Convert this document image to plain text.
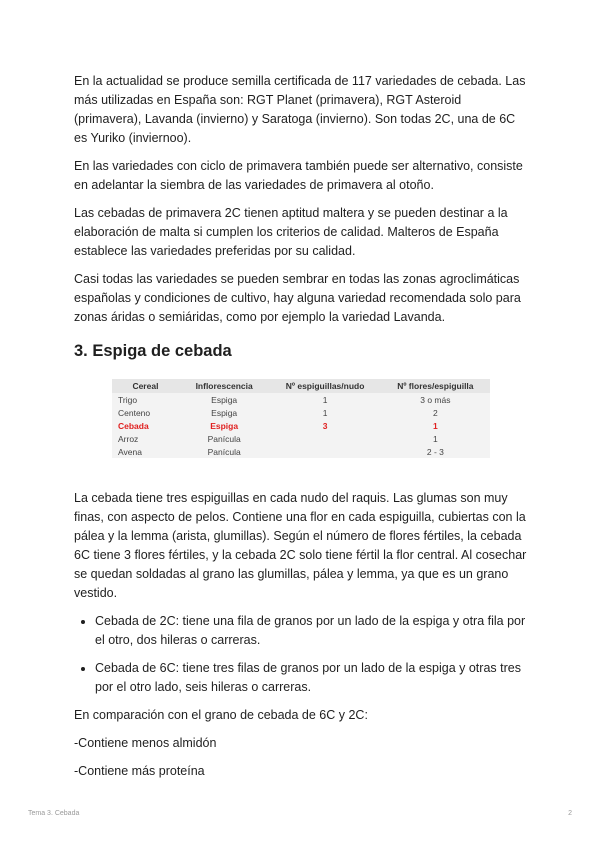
En la actualidad se produce semilla certificada de 117 variedades de cebada. Las más utilizadas en España son: RGT Planet (primavera), RGT Asteroid (primavera), Lavanda (invierno) y Saratoga (invierno). Son todas 2C, una de 6C es Yuriko (inviernoo).

En las variedades con ciclo de primavera también puede ser alternativo, consiste en adelantar la siembra de las variedades de primavera al otoño.

Las cebadas de primavera 2C tienen aptitud maltera y se pueden destinar a la elaboración de malta si cumplen los criterios de calidad. Malteros de España establece las variedades preferidas por su calidad.

Casi todas las variedades se pueden sembrar en todas las zonas agroclimáticas españolas y condiciones de cultivo, hay alguna variedad recomendada solo para zonas áridas o semiáridas, como por ejemplo la variedad Lavanda.

3. Espiga de cebada
Cereal	Inflorescencia	Nº espiguillas/nudo	Nº flores/espiguilla
Trigo	Espiga	1	3 o más
Centeno	Espiga	1	2
Cebada	Espiga	3	1
Arroz	Panícula		1
Avena	Panícula		2 - 3

La cebada tiene tres espiguillas en cada nudo del raquis. Las glumas son muy finas, con aspecto de pelos. Contiene una flor en cada espiguilla, cubiertas con la pálea y la lemma (arista, glumillas). Según el número de flores fértiles, la cebada 6C tiene 3 flores fértiles, y la cebada 2C solo tiene fértil la flor central. Al cosechar se quedan soldadas al grano las glumillas, pálea y lemma, ya que es un grano vestido.

• Cebada de 2C: tiene una fila de granos por un lado de la espiga y otra fila por el otro, dos hileras o carreras.
• Cebada de 6C: tiene tres filas de granos por un lado de la espiga y otras tres por el otro lado, seis hileras o carreras.

En comparación con el grano de cebada de 6C y 2C:

-Contiene menos almidón

-Contiene más proteína

Tema 3. Cebada	2
